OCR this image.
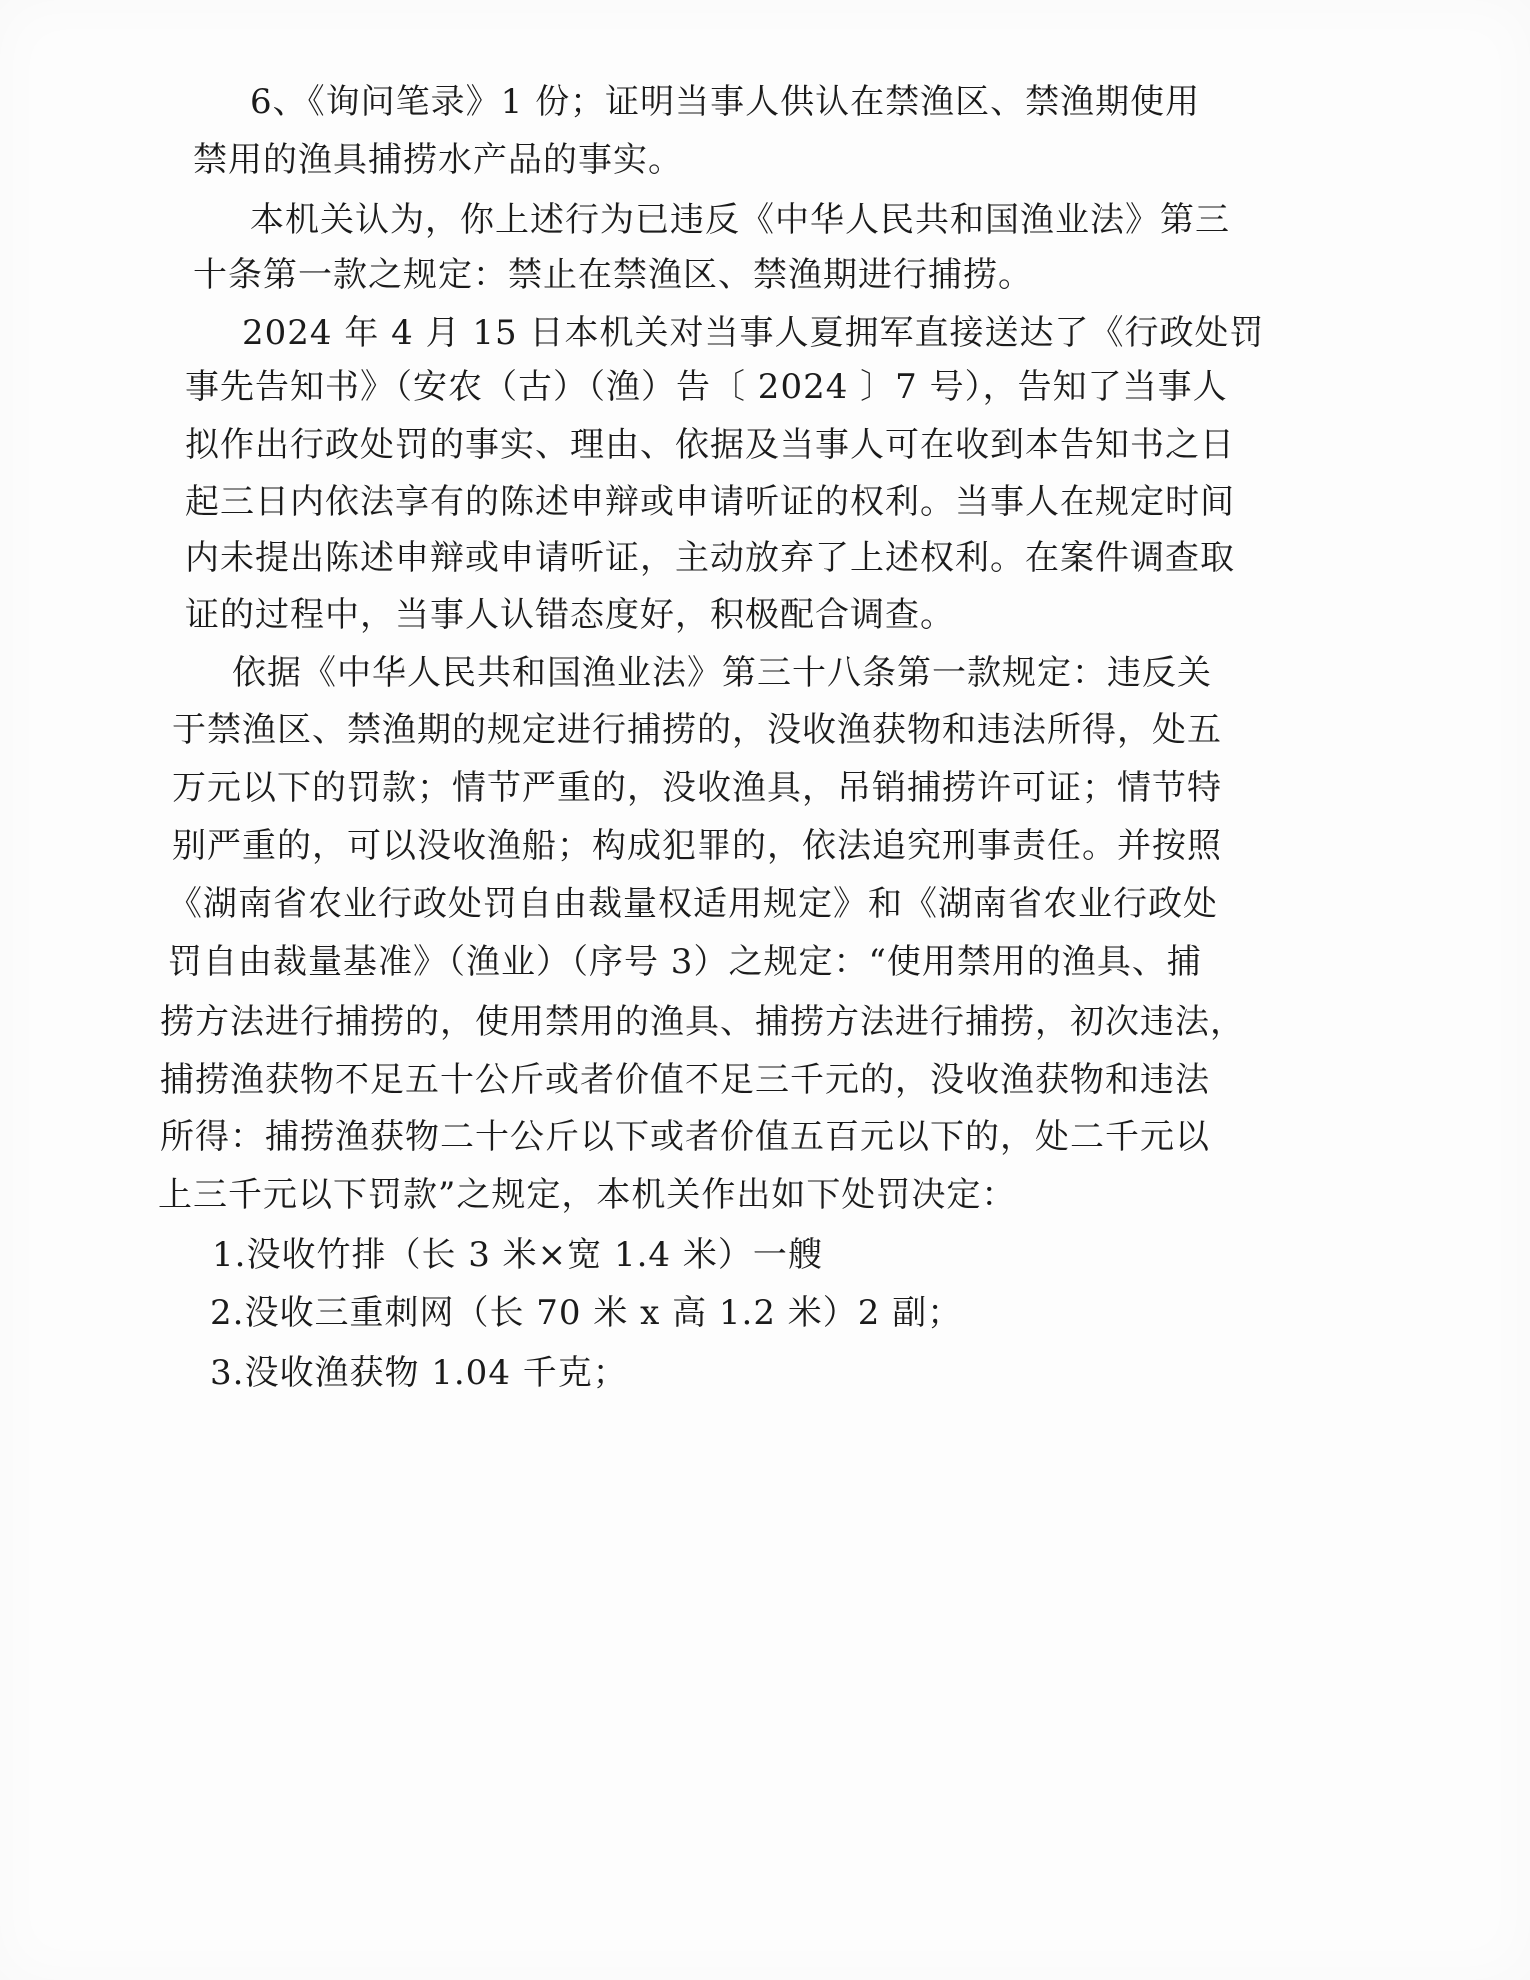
6、《询问笔录》1 份；证明当事人供认在禁渔区、禁渔期使用
禁用的渔具捕捞水产品的事实。
本机关认为，你上述行为已违反《中华人民共和国渔业法》第三
十条第一款之规定：禁止在禁渔区、禁渔期进行捕捞。
2024 年 4 月 15 日本机关对当事人夏拥军直接送达了《行政处罚
事先告知书》（安农（古）（渔）告〔 2024 〕7 号），告知了当事人
拟作出行政处罚的事实、理由、依据及当事人可在收到本告知书之日
起三日内依法享有的陈述申辩或申请听证的权利。当事人在规定时间
内未提出陈述申辩或申请听证，主动放弃了上述权利。在案件调查取
证的过程中，当事人认错态度好，积极配合调查。
依据《中华人民共和国渔业法》第三十八条第一款规定：违反关
于禁渔区、禁渔期的规定进行捕捞的，没收渔获物和违法所得，处五
万元以下的罚款；情节严重的，没收渔具，吊销捕捞许可证；情节特
别严重的，可以没收渔船；构成犯罪的，依法追究刑事责任。并按照
《湖南省农业行政处罚自由裁量权适用规定》和《湖南省农业行政处
罚自由裁量基准》（渔业）（序号 3）之规定：“使用禁用的渔具、捕
捞方法进行捕捞的，使用禁用的渔具、捕捞方法进行捕捞，初次违法，
捕捞渔获物不足五十公斤或者价值不足三千元的，没收渔获物和违法
所得：捕捞渔获物二十公斤以下或者价值五百元以下的，处二千元以
上三千元以下罚款”之规定，本机关作出如下处罚决定：
1.没收竹排（长 3 米×宽 1.4 米）一艘
2.没收三重刺网（长 70 米 x 高 1.2 米）2 副；
3.没收渔获物 1.04 千克；
